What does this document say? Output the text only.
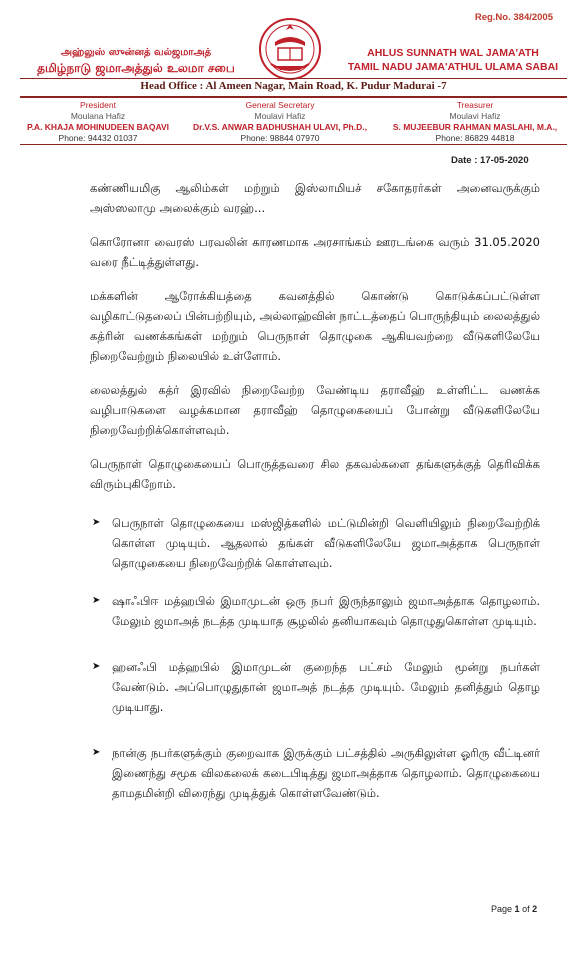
Reg.No. 384/2005
அஹ்லுஸ் ஸுன்னத் வல்ஜமாஅத்
தமிழ்நாடு ஜமாஅத்துல் உலமா சபை
AHLUS SUNNATH WAL JAMA'ATH
TAMIL NADU JAMA'ATHUL ULAMA SABAI
Head Office : Al Ameen Nagar, Main Road, K. Pudur Madurai -7
President
Moulana Hafiz
P.A. KHAJA MOHINUDEEN BAQAVI
Phone: 94432 01037
General Secretary
Moulavi Hafiz
Dr.V.S. ANWAR BADHUSHAH ULAVI, Ph.D.,
Phone: 98844 07970
Treasurer
Moulavi Hafiz
S. MUJEEBUR RAHMAN MASLAHI, M.A.,
Phone: 86829 44818
Date : 17-05-2020

கண்ணியமிகு ஆலிம்கள் மற்றும் இஸ்லாமியச் சகோதரர்கள் அனைவருக்கும் அஸ்ஸலாமு அலைக்கும் வரஹ்...

கொரோனா வைரஸ் பரவலின் காரணமாக அரசாங்கம் ஊரடங்கை வரும் 31.05.2020 வரை நீட்டித்துள்ளது.

மக்களின் ஆரோக்கியத்தை கவனத்தில் கொண்டு கொடுக்கப்பட்டுள்ள வழிகாட்டுதலைப் பின்பற்றியும், அல்லாஹ்வின் நாட்டத்தைப் பொருந்தியும் லைலத்துல் கத்ரின் வணக்கங்கள் மற்றும் பெருநாள் தொழுகை ஆகியவற்றை வீடுகளிலேயே நிறைவேற்றும் நிலையில் உள்ளோம்.

லைலத்துல் கத்ர் இரவில் நிறைவேற்ற வேண்டிய தராவீஹ் உள்ளிட்ட வணக்க வழிபாடுகளை வழக்கமான தராவீஹ் தொழுகையைப் போன்று வீடுகளிலேயே நிறைவேற்றிக்கொள்ளவும்.

பெருநாள் தொழுகையைப் பொருத்தவரை சில தகவல்களை தங்களுக்குத் தெரிவிக்க விரும்புகிறோம்.

➤ பெருநாள் தொழுகையை மஸ்ஜித்களில் மட்டுமின்றி வெளியிலும் நிறைவேற்றிக் கொள்ள முடியும். ஆதலால் தங்கள் வீடுகளிலேயே ஜமாஅத்தாக பெருநாள் தொழுகையை நிறைவேற்றிக் கொள்ளவும்.
➤ ஷாஃபிஈ மத்ஹபில் இமாமுடன் ஒரு நபர் இருந்தாலும் ஜமாஅத்தாக தொழலாம். மேலும் ஜமாஅத் நடத்த முடியாத சூழலில் தனியாகவும் தொழுதுகொள்ள முடியும்.
➤ ஹனஃபி மத்ஹபில் இமாமுடன் குறைந்த பட்சம் மேலும் மூன்று நபர்கள் வேண்டும். அப்பொழுதுதான் ஜமாஅத் நடத்த முடியும். மேலும் தனித்தும் தொழ முடியாது.
➤ நான்கு நபர்களுக்கும் குறைவாக இருக்கும் பட்சத்தில் அருகிலுள்ள ஓரிரு வீட்டினர் இணைந்து சமூக விலகலைக் கடைபிடித்து ஜமாஅத்தாக தொழலாம். தொழுகையை தாமதமின்றி விரைந்து முடித்துக் கொள்ளவேண்டும்.
Page 1 of 2
